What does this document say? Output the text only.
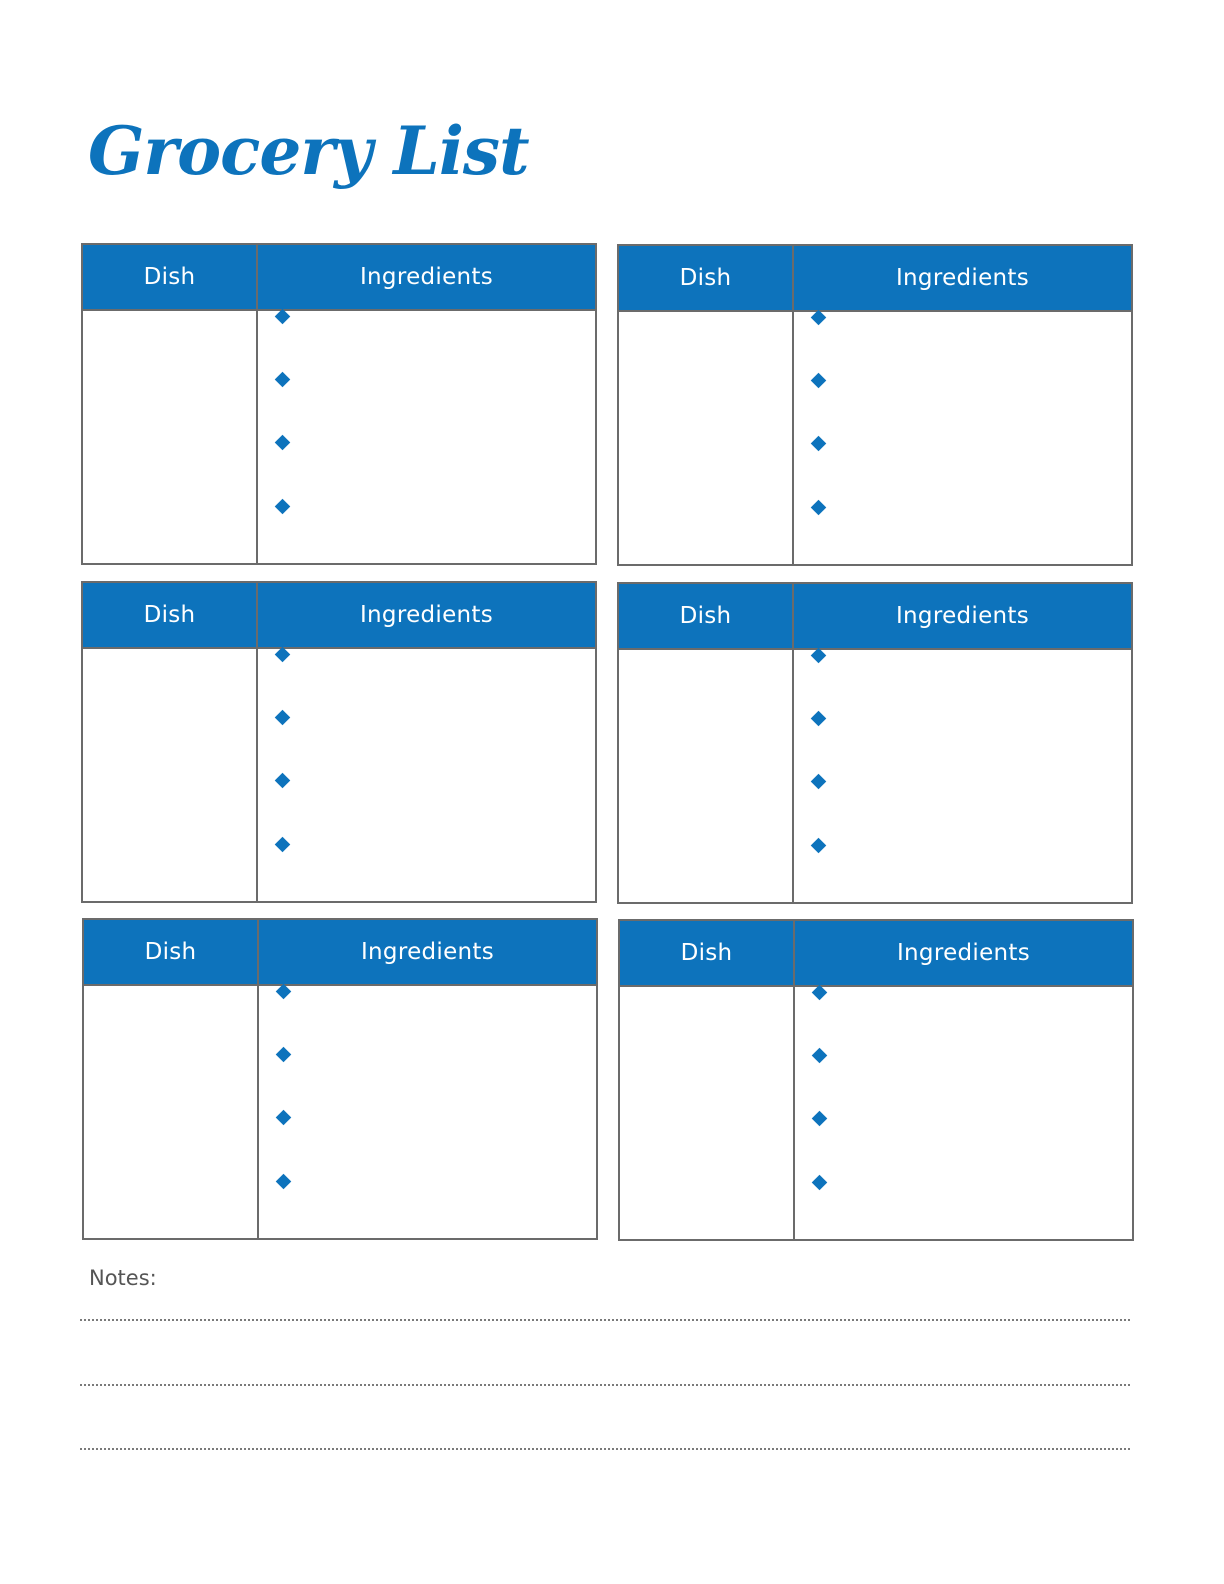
Grocery List
Dish	Ingredients	Dish	Ingredients
Dish	Ingredients	Dish	Ingredients
Dish	Ingredients	Dish	Ingredients

Notes:
